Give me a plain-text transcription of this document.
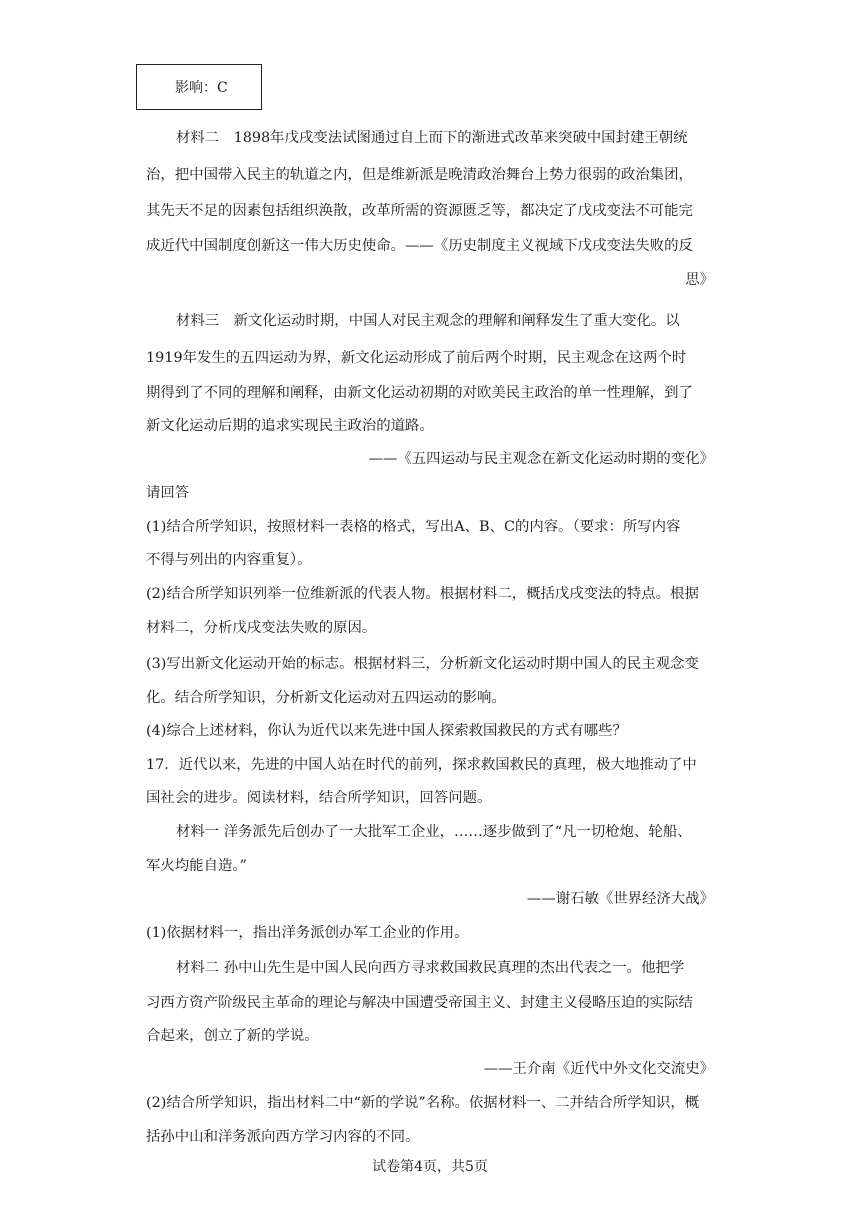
影响：C
材料二　1898年戊戌变法试图通过自上而下的渐进式改革来突破中国封建王朝统
治，把中国带入民主的轨道之内，但是维新派是晚清政治舞台上势力很弱的政治集团，
其先天不足的因素包括组织涣散，改革所需的资源匮乏等，都决定了戊戌变法不可能完
成近代中国制度创新这一伟大历史使命。——《历史制度主义视域下戊戌变法失败的反
思》
材料三　新文化运动时期，中国人对民主观念的理解和阐释发生了重大变化。以
1919年发生的五四运动为界，新文化运动形成了前后两个时期，民主观念在这两个时
期得到了不同的理解和阐释，由新文化运动初期的对欧美民主政治的单一性理解，到了
新文化运动后期的追求实现民主政治的道路。
——《五四运动与民主观念在新文化运动时期的变化》
请回答
(1)结合所学知识，按照材料一表格的格式，写出A、B、C的内容。（要求：所写内容
不得与列出的内容重复）。
(2)结合所学知识列举一位维新派的代表人物。根据材料二，概括戊戌变法的特点。根据
材料二，分析戊戌变法失败的原因。
(3)写出新文化运动开始的标志。根据材料三，分析新文化运动时期中国人的民主观念变
化。结合所学知识，分析新文化运动对五四运动的影响。
(4)综合上述材料，你认为近代以来先进中国人探索救国救民的方式有哪些？
17．近代以来，先进的中国人站在时代的前列，探求救国救民的真理，极大地推动了中
国社会的进步。阅读材料，结合所学知识，回答问题。
材料一 洋务派先后创办了一大批军工企业，……逐步做到了“凡一切枪炮、轮船、
军火均能自造。”
——谢石敏《世界经济大战》
(1)依据材料一，指出洋务派创办军工企业的作用。
材料二 孙中山先生是中国人民向西方寻求救国救民真理的杰出代表之一。他把学
习西方资产阶级民主革命的理论与解决中国遭受帝国主义、封建主义侵略压迫的实际结
合起来，创立了新的学说。
——王介南《近代中外文化交流史》
(2)结合所学知识，指出材料二中“新的学说”名称。依据材料一、二并结合所学知识，概
括孙中山和洋务派向西方学习内容的不同。
试卷第4页，共5页
